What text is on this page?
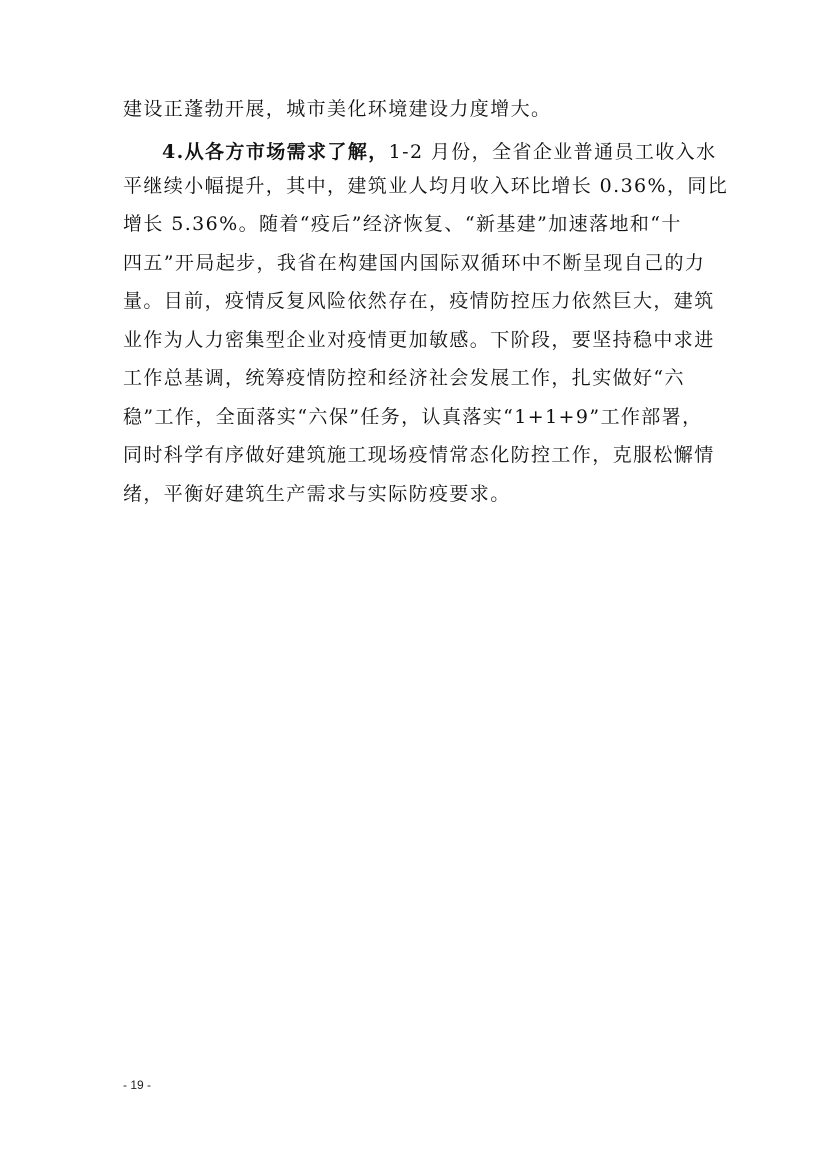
建设正蓬勃开展，城市美化环境建设力度增大。
4.从各方市场需求了解，1-2 月份，全省企业普通员工收入水
平继续小幅提升，其中，建筑业人均月收入环比增长 0.36%，同比
增长 5.36%。随着“疫后”经济恢复、“新基建”加速落地和“十
四五”开局起步，我省在构建国内国际双循环中不断呈现自己的力
量。目前，疫情反复风险依然存在，疫情防控压力依然巨大，建筑
业作为人力密集型企业对疫情更加敏感。下阶段，要坚持稳中求进
工作总基调，统筹疫情防控和经济社会发展工作，扎实做好“六
稳”工作，全面落实“六保”任务，认真落实“1+1+9”工作部署，
同时科学有序做好建筑施工现场疫情常态化防控工作，克服松懈情
绪，平衡好建筑生产需求与实际防疫要求。
- 19 -
